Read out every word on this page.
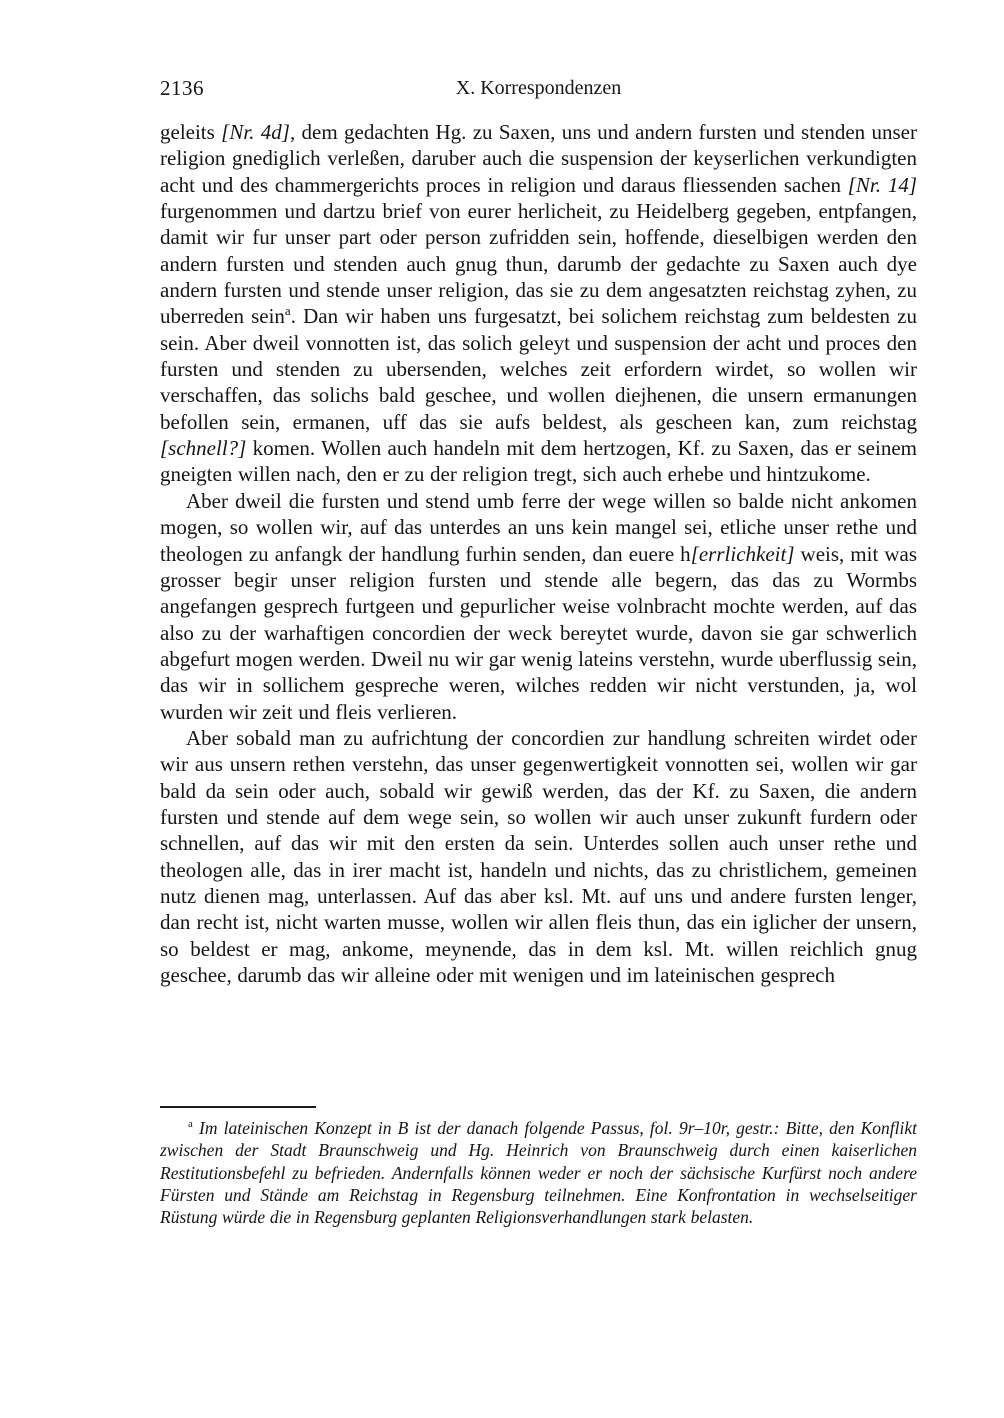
2136	X. Korrespondenzen

geleits [Nr. 4d], dem gedachten Hg. zu Saxen, uns und andern fursten und stenden unser religion gnediglich verleßen, daruber auch die suspension der keyserlichen verkundigten acht und des chammergerichts proces in religion und daraus fliessenden sachen [Nr. 14] furgenommen und dartzu brief von eurer herlicheit, zu Heidelberg gegeben, entpfangen, damit wir fur unser part oder person zufridden sein, hoffende, dieselbigen werden den andern fursten und stenden auch gnug thun, darumb der gedachte zu Saxen auch dye andern fursten und stende unser religion, das sie zu dem angesatzten reichstag zyhen, zu uberreden sein$^a$. Dan wir haben uns furgesatzt, bei solichem reichstag zum beldesten zu sein. Aber dweil vonnotten ist, das solich geleyt und suspension der acht und proces den fursten und stenden zu ubersenden, welches zeit erfordern wirdet, so wollen wir verschaffen, das solichs bald geschee, und wollen diejhenen, die unsern ermanungen befollen sein, ermanen, uff das sie aufs beldest, als gescheen kan, zum reichstag [schnell?] komen. Wollen auch handeln mit dem hertzogen, Kf. zu Saxen, das er seinem gneigten willen nach, den er zu der religion tregt, sich auch erhebe und hintzukome.

Aber dweil die fursten und stend umb ferre der wege willen so balde nicht ankomen mogen, so wollen wir, auf das unterdes an uns kein mangel sei, etliche unser rethe und theologen zu anfangk der handlung furhin senden, dan euere h[errlichkeit] weis, mit was grosser begir unser religion fursten und stende alle begern, das das zu Wormbs angefangen gesprech furtgeen und gepurlicher weise volnbracht mochte werden, auf das also zu der warhaftigen concordien der weck bereytet wurde, davon sie gar schwerlich abgefurt mogen werden. Dweil nu wir gar wenig lateins verstehn, wurde uberflussig sein, das wir in sollichem gespreche weren, wilches redden wir nicht verstunden, ja, wol wurden wir zeit und fleis verlieren.

Aber sobald man zu aufrichtung der concordien zur handlung schreiten wirdet oder wir aus unsern rethen verstehn, das unser gegenwertigkeit vonnotten sei, wollen wir gar bald da sein oder auch, sobald wir gewiß werden, das der Kf. zu Saxen, die andern fursten und stende auf dem wege sein, so wollen wir auch unser zukunft furdern oder schnellen, auf das wir mit den ersten da sein. Unterdes sollen auch unser rethe und theologen alle, das in irer macht ist, handeln und nichts, das zu christlichem, gemeinen nutz dienen mag, unterlassen. Auf das aber ksl. Mt. auf uns und andere fursten lenger, dan recht ist, nicht warten musse, wollen wir allen fleis thun, das ein iglicher der unsern, so beldest er mag, ankome, meynende, das in dem ksl. Mt. willen reichlich gnug geschee, darumb das wir alleine oder mit wenigen und im lateinischen gesprech

$^a$ Im lateinischen Konzept in B ist der danach folgende Passus, fol. 9r–10r, gestr.: Bitte, den Konflikt zwischen der Stadt Braunschweig und Hg. Heinrich von Braunschweig durch einen kaiserlichen Restitutionsbefehl zu befrieden. Andernfalls können weder er noch der sächsische Kurfürst noch andere Fürsten und Stände am Reichstag in Regensburg teilnehmen. Eine Konfrontation in wechselseitiger Rüstung würde die in Regensburg geplanten Religionsverhandlungen stark belasten.
